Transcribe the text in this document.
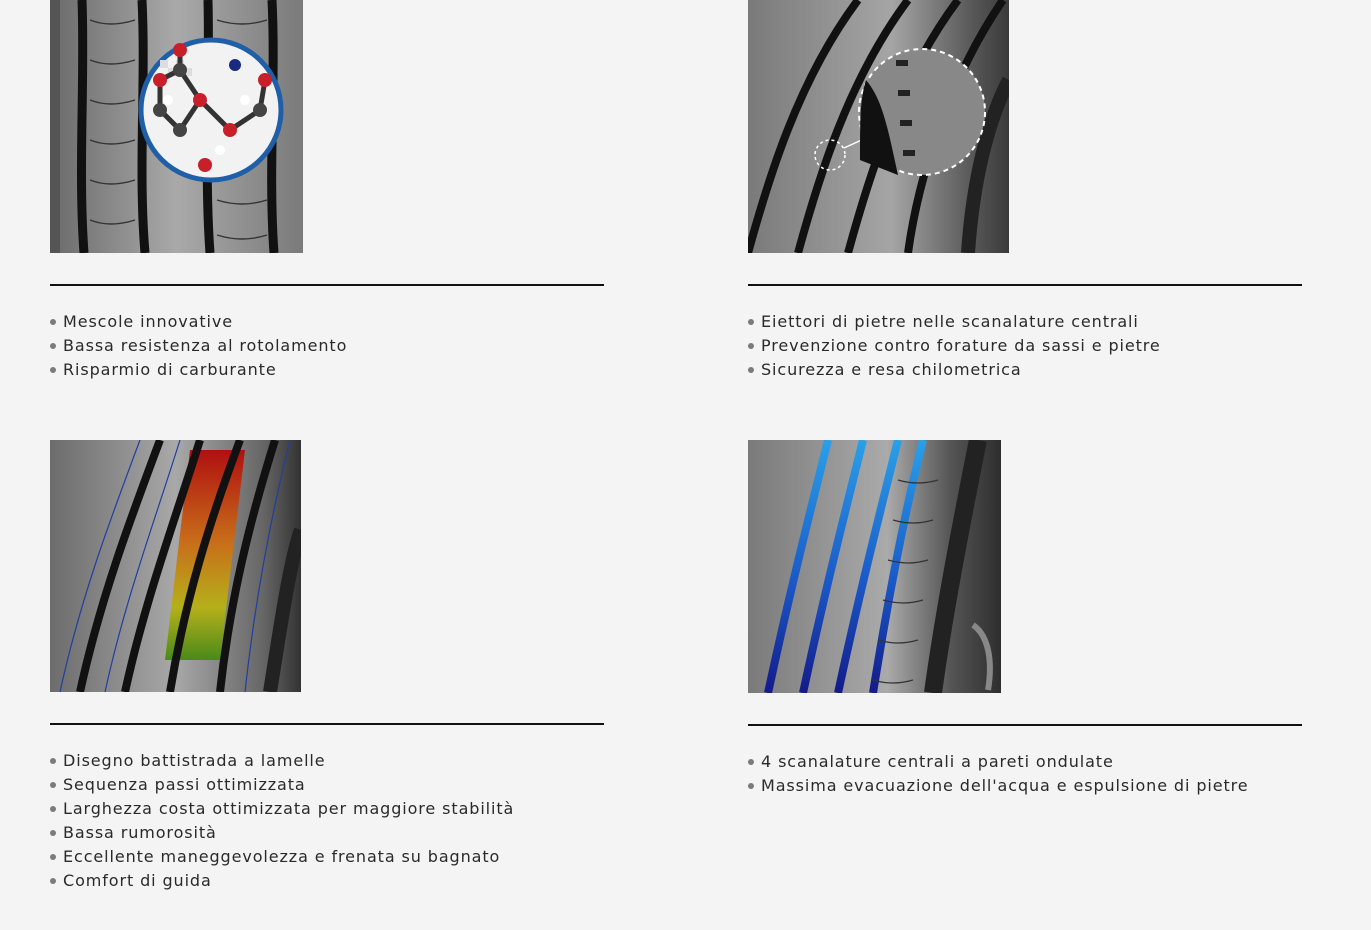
Mescole innovative
Bassa resistenza al rotolamento
Risparmio di carburante
Eiettori di pietre nelle scanalature centrali
Prevenzione contro forature da sassi e pietre
Sicurezza e resa chilometrica
Disegno battistrada a lamelle
Sequenza passi ottimizzata
Larghezza costa ottimizzata per maggiore stabilità
Bassa rumorosità
Eccellente maneggevolezza e frenata su bagnato
Comfort di guida
4 scanalature centrali a pareti ondulate
Massima evacuazione dell'acqua e espulsione di pietre
